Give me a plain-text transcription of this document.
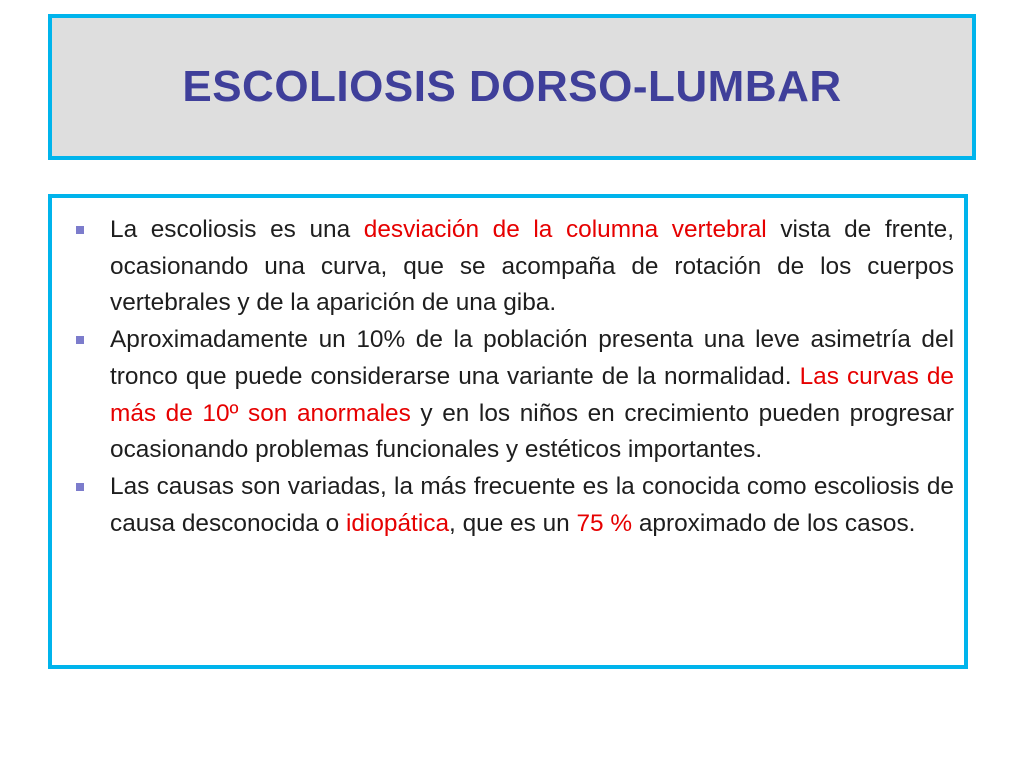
ESCOLIOSIS DORSO-LUMBAR
La escoliosis es una desviación de la columna vertebral vista de frente, ocasionando una curva, que se acompaña de rotación de los cuerpos vertebrales y de la aparición de una giba.
Aproximadamente un 10% de la población presenta una leve asimetría del tronco que puede considerarse una variante de la normalidad. Las curvas de más de 10º son anormales y en los niños en crecimiento pueden progresar ocasionando problemas funcionales y estéticos importantes.
Las causas son variadas, la más frecuente es la conocida como escoliosis de causa desconocida o idiopática, que es un 75 % aproximado de los casos.
